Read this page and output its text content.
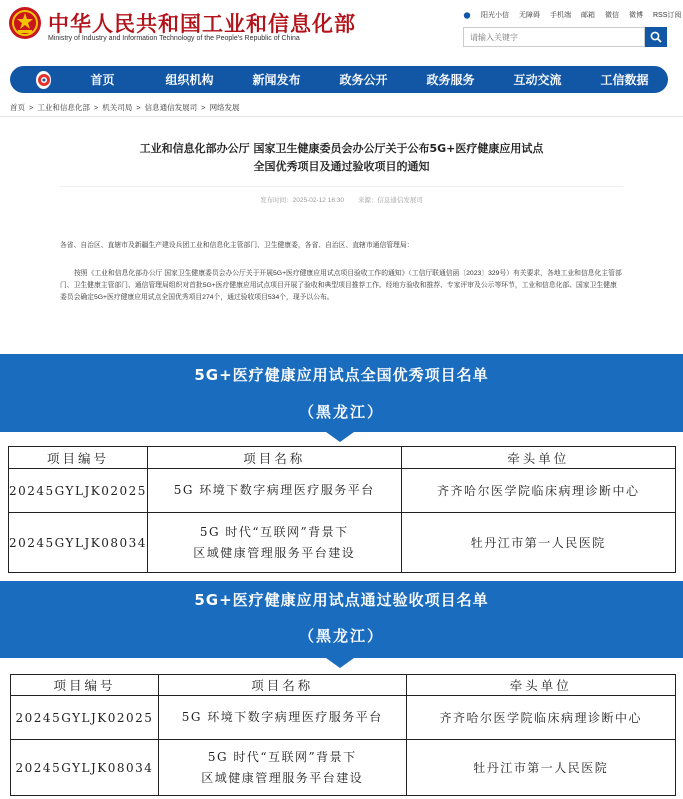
中华人民共和国工业和信息化部
Ministry of Industry and Information Technology of the People's Republic of China
阳光小信 无障碍 手机端 邮箱 微信 微博 RSS订阅
请输入关键字
首页	组织机构	新闻发布	政务公开	政务服务	互动交流	工信数据
首页 > 工业和信息化部 > 机关司局 > 信息通信发展司 > 网络发展
工业和信息化部办公厅 国家卫生健康委员会办公厅关于公布5G+医疗健康应用试点
全国优秀项目及通过验收项目的通知
发布时间：2025-02-12 16:30 来源：信息通信发展司
各省、自治区、直辖市及新疆生产建设兵团工业和信息化主管部门、卫生健康委，各省、自治区、直辖市通信管理局：
按照《工业和信息化部办公厅 国家卫生健康委员会办公厅关于开展5G+医疗健康应用试点项目验收工作的通知》（工信厅联通信函〔2023〕329号）有关要求，各地工业和信息化主管部门、卫生健康主管部门、通信管理局组织对首批5G+医疗健康应用试点项目开展了验收和典型项目推荐工作。经地方验收和推荐、专家评审及公示等环节，工业和信息化部、国家卫生健康委员会确定5G+医疗健康应用试点全国优秀项目274个，通过验收项目534个，现予以公布。
5G+医疗健康应用试点全国优秀项目名单
（黑龙江）
项目编号	项目名称	牵头单位
20245GYLJK02025	5G 环境下数字病理医疗服务平台	齐齐哈尔医学院临床病理诊断中心
20245GYLJK08034	5G 时代“互联网”背景下
区域健康管理服务平台建设	牡丹江市第一人民医院
5G+医疗健康应用试点通过验收项目名单
（黑龙江）
项目编号	项目名称	牵头单位
20245GYLJK02025	5G 环境下数字病理医疗服务平台	齐齐哈尔医学院临床病理诊断中心
20245GYLJK08034	5G 时代“互联网”背景下
区域健康管理服务平台建设	牡丹江市第一人民医院
